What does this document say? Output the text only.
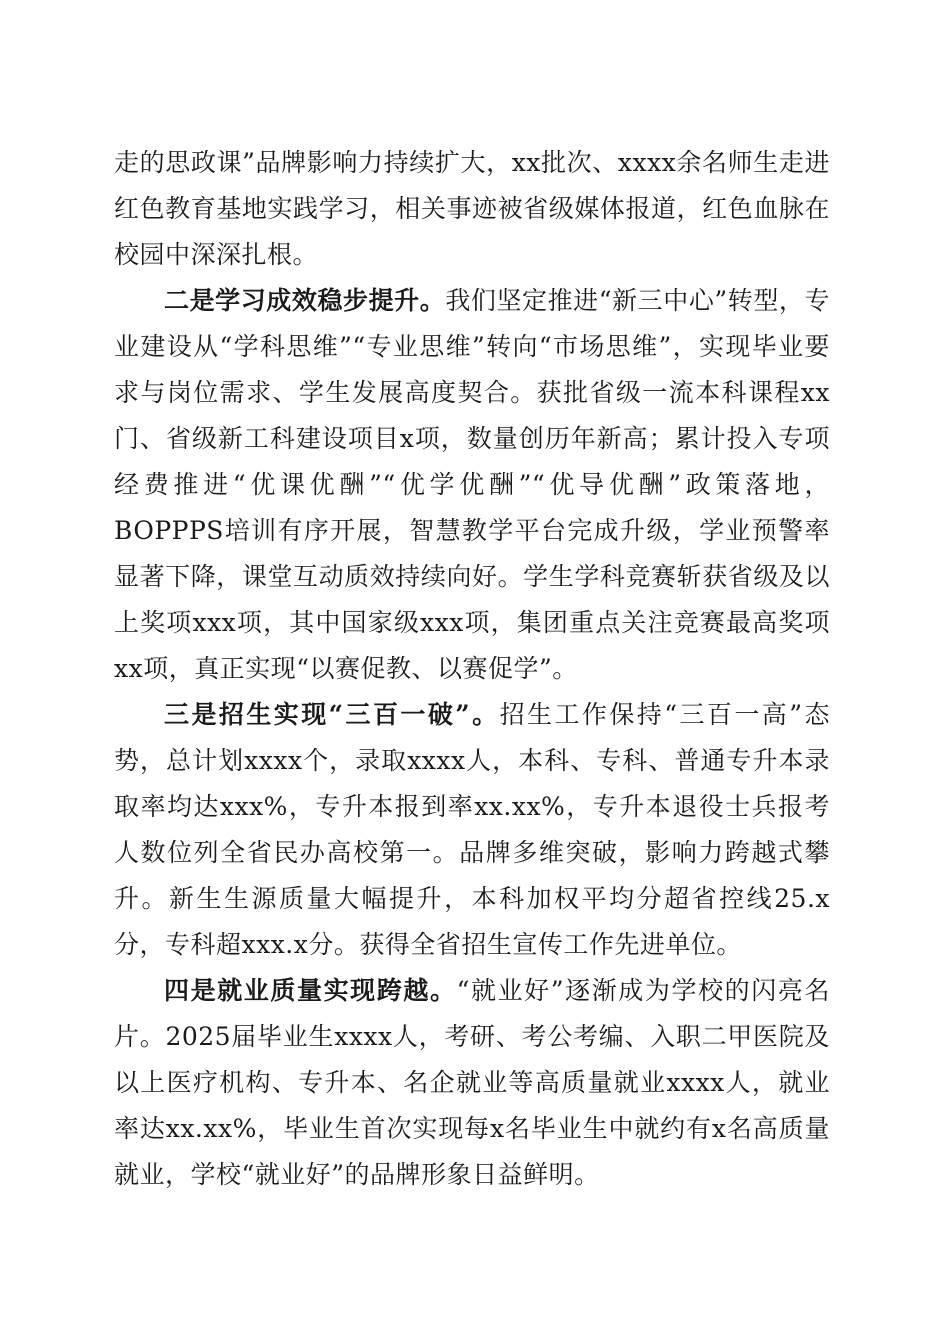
走的思政课”品牌影响力持续扩大，xx批次、xxxx余名师生走进红色教育基地实践学习，相关事迹被省级媒体报道，红色血脉在校园中深深扎根。

二是学习成效稳步提升。我们坚定推进“新三中心”转型，专业建设从“学科思维”“专业思维”转向“市场思维”，实现毕业要求与岗位需求、学生发展高度契合。获批省级一流本科课程xx门、省级新工科建设项目x项，数量创历年新高；累计投入专项经费推进“优课优酬”“优学优酬”“优导优酬”政策落地，BOPPPS培训有序开展，智慧教学平台完成升级，学业预警率显著下降，课堂互动质效持续向好。学生学科竞赛斩获省级及以上奖项xxx项，其中国家级xxx项，集团重点关注竞赛最高奖项xx项，真正实现“以赛促教、以赛促学”。

三是招生实现“三百一破”。招生工作保持“三百一高”态势，总计划xxxx个，录取xxxx人，本科、专科、普通专升本录取率均达xxx%，专升本报到率xx.xx%，专升本退役士兵报考人数位列全省民办高校第一。品牌多维突破，影响力跨越式攀升。新生生源质量大幅提升，本科加权平均分超省控线25.x分，专科超xxx.x分。获得全省招生宣传工作先进单位。

四是就业质量实现跨越。“就业好”逐渐成为学校的闪亮名片。2025届毕业生xxxx人，考研、考公考编、入职二甲医院及以上医疗机构、专升本、名企就业等高质量就业xxxx人，就业率达xx.xx%，毕业生首次实现每x名毕业生中就约有x名高质量就业，学校“就业好”的品牌形象日益鲜明。
